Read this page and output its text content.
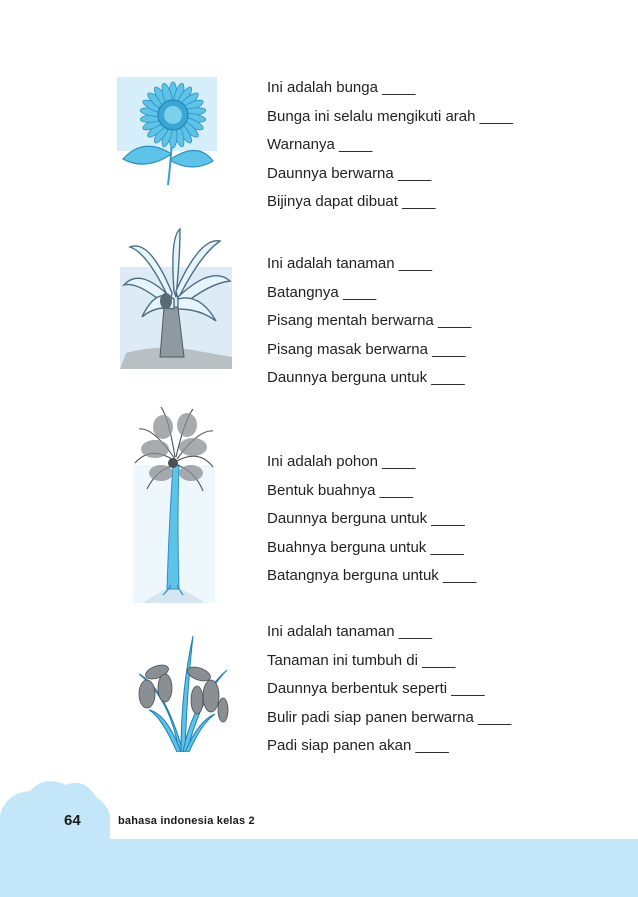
Ini adalah bunga ____
Bunga ini selalu mengikuti arah ____
Warnanya ____
Daunnya berwarna ____
Bijinya dapat dibuat ____
Ini adalah tanaman ____
Batangnya ____
Pisang mentah berwarna ____
Pisang masak berwarna ____
Daunnya berguna untuk ____
Ini adalah pohon ____
Bentuk buahnya ____
Daunnya berguna untuk ____
Buahnya berguna untuk ____
Batangnya berguna untuk ____
Ini adalah tanaman ____
Tanaman ini tumbuh di ____
Daunnya berbentuk seperti ____
Bulir padi siap panen berwarna ____
Padi siap panen akan ____
64	bahasa indonesia kelas 2
